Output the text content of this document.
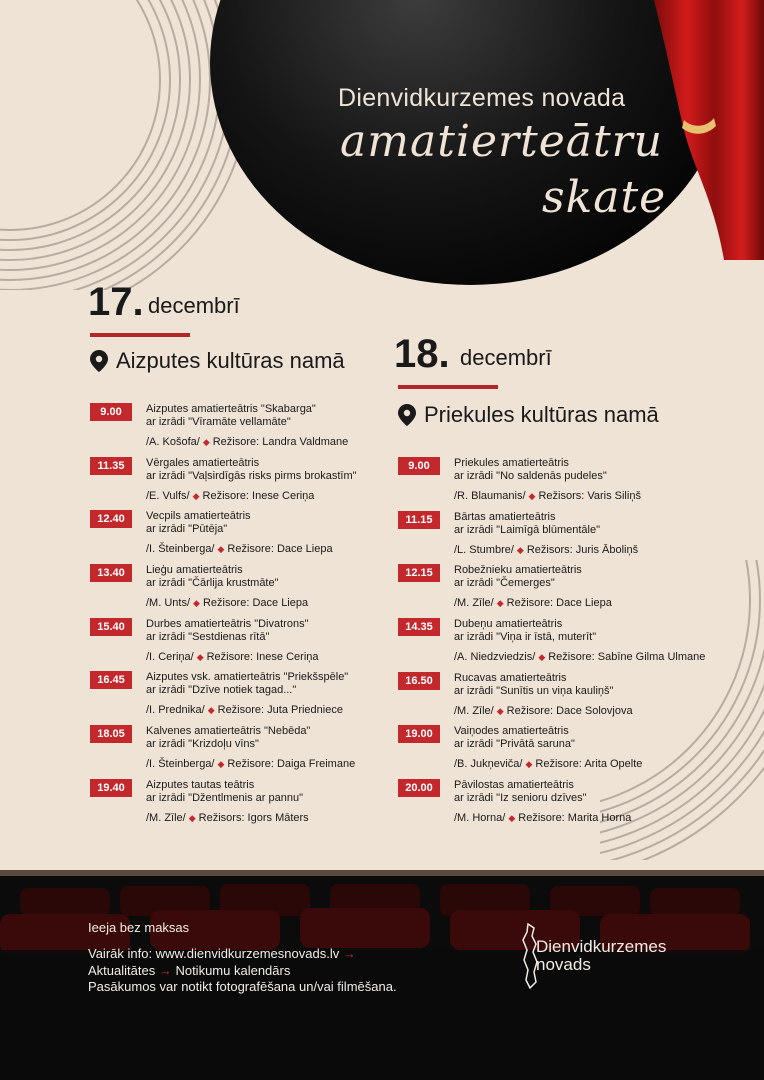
Dienvidkurzemes novada
amatierteātru
skate
17. decembrī
Aizputes kultūras namā
9.00	Aizputes amatierteātris "Skabarga"
ar izrādi "Vīramāte vellamāte"
/A. Košofa/ ◆ Režisore: Landra Valdmane
11.35	Vērgales amatierteātris
ar izrādi "Vaļsirdīgās risks pirms brokastīm"
/E. Vulfs/ ◆ Režisore: Inese Ceriņa
12.40	Vecpils amatierteātris
ar izrādi "Pūtēja"
/I. Šteinberga/ ◆ Režisore: Dace Liepa
13.40	Lieģu amatierteātris
ar izrādi "Čārlija krustmāte"
/M. Unts/ ◆ Režisore: Dace Liepa
15.40	Durbes amatierteātris "Divatrons"
ar izrādi "Sestdienas rītā"
/I. Ceriņa/ ◆ Režisore: Inese Ceriņa
16.45	Aizputes vsk. amatierteātris "Priekšspēle"
ar izrādi "Dzīve notiek tagad..."
/I. Prednika/ ◆ Režisore: Juta Priedniece
18.05	Kalvenes amatierteātris "Nebēda"
ar izrādi "Krizdoļu vīns"
/I. Šteinberga/ ◆ Režisore: Daiga Freimane
19.40	Aizputes tautas teātris
ar izrādi "Džentlmenis ar pannu"
/M. Zīle/ ◆ Režisors: Igors Māters
18. decembrī
Priekules kultūras namā
9.00	Priekules amatierteātris
ar izrādi "No saldenās pudeles"
/R. Blaumanis/ ◆ Režisors: Varis Siliņš
11.15	Bārtas amatierteātris
ar izrādi "Laimīgā blūmentāle"
/L. Stumbre/ ◆ Režisors: Juris Āboliņš
12.15	Robežnieku amatierteātris
ar izrādi "Čemerges"
/M. Zīle/ ◆ Režisore: Dace Liepa
14.35	Dubeņu amatierteātris
ar izrādi "Viņa ir īstā, muterīt"
/A. Niedzviedzis/ ◆ Režisore: Sabīne Gilma Ulmane
16.50	Rucavas amatierteātris
ar izrādi "Sunītis un viņa kauliņš"
/M. Zīle/ ◆ Režisore: Dace Solovjova
19.00	Vaiņodes amatierteātris
ar izrādi "Privātā saruna"
/B. Jukņeviča/ ◆ Režisore: Arita Opelte
20.00	Pāvilostas amatierteātris
ar izrādi "Iz senioru dzīves"
/M. Horna/ ◆ Režisore: Marita Horna
Ieeja bez maksas
Vairāk info: www.dienvidkurzemesnovads.lv →
Aktualitātes → Notikumu kalendārs
Pasākumos var notikt fotografēšana un/vai filmēšana.
Dienvidkurzemes
novads
